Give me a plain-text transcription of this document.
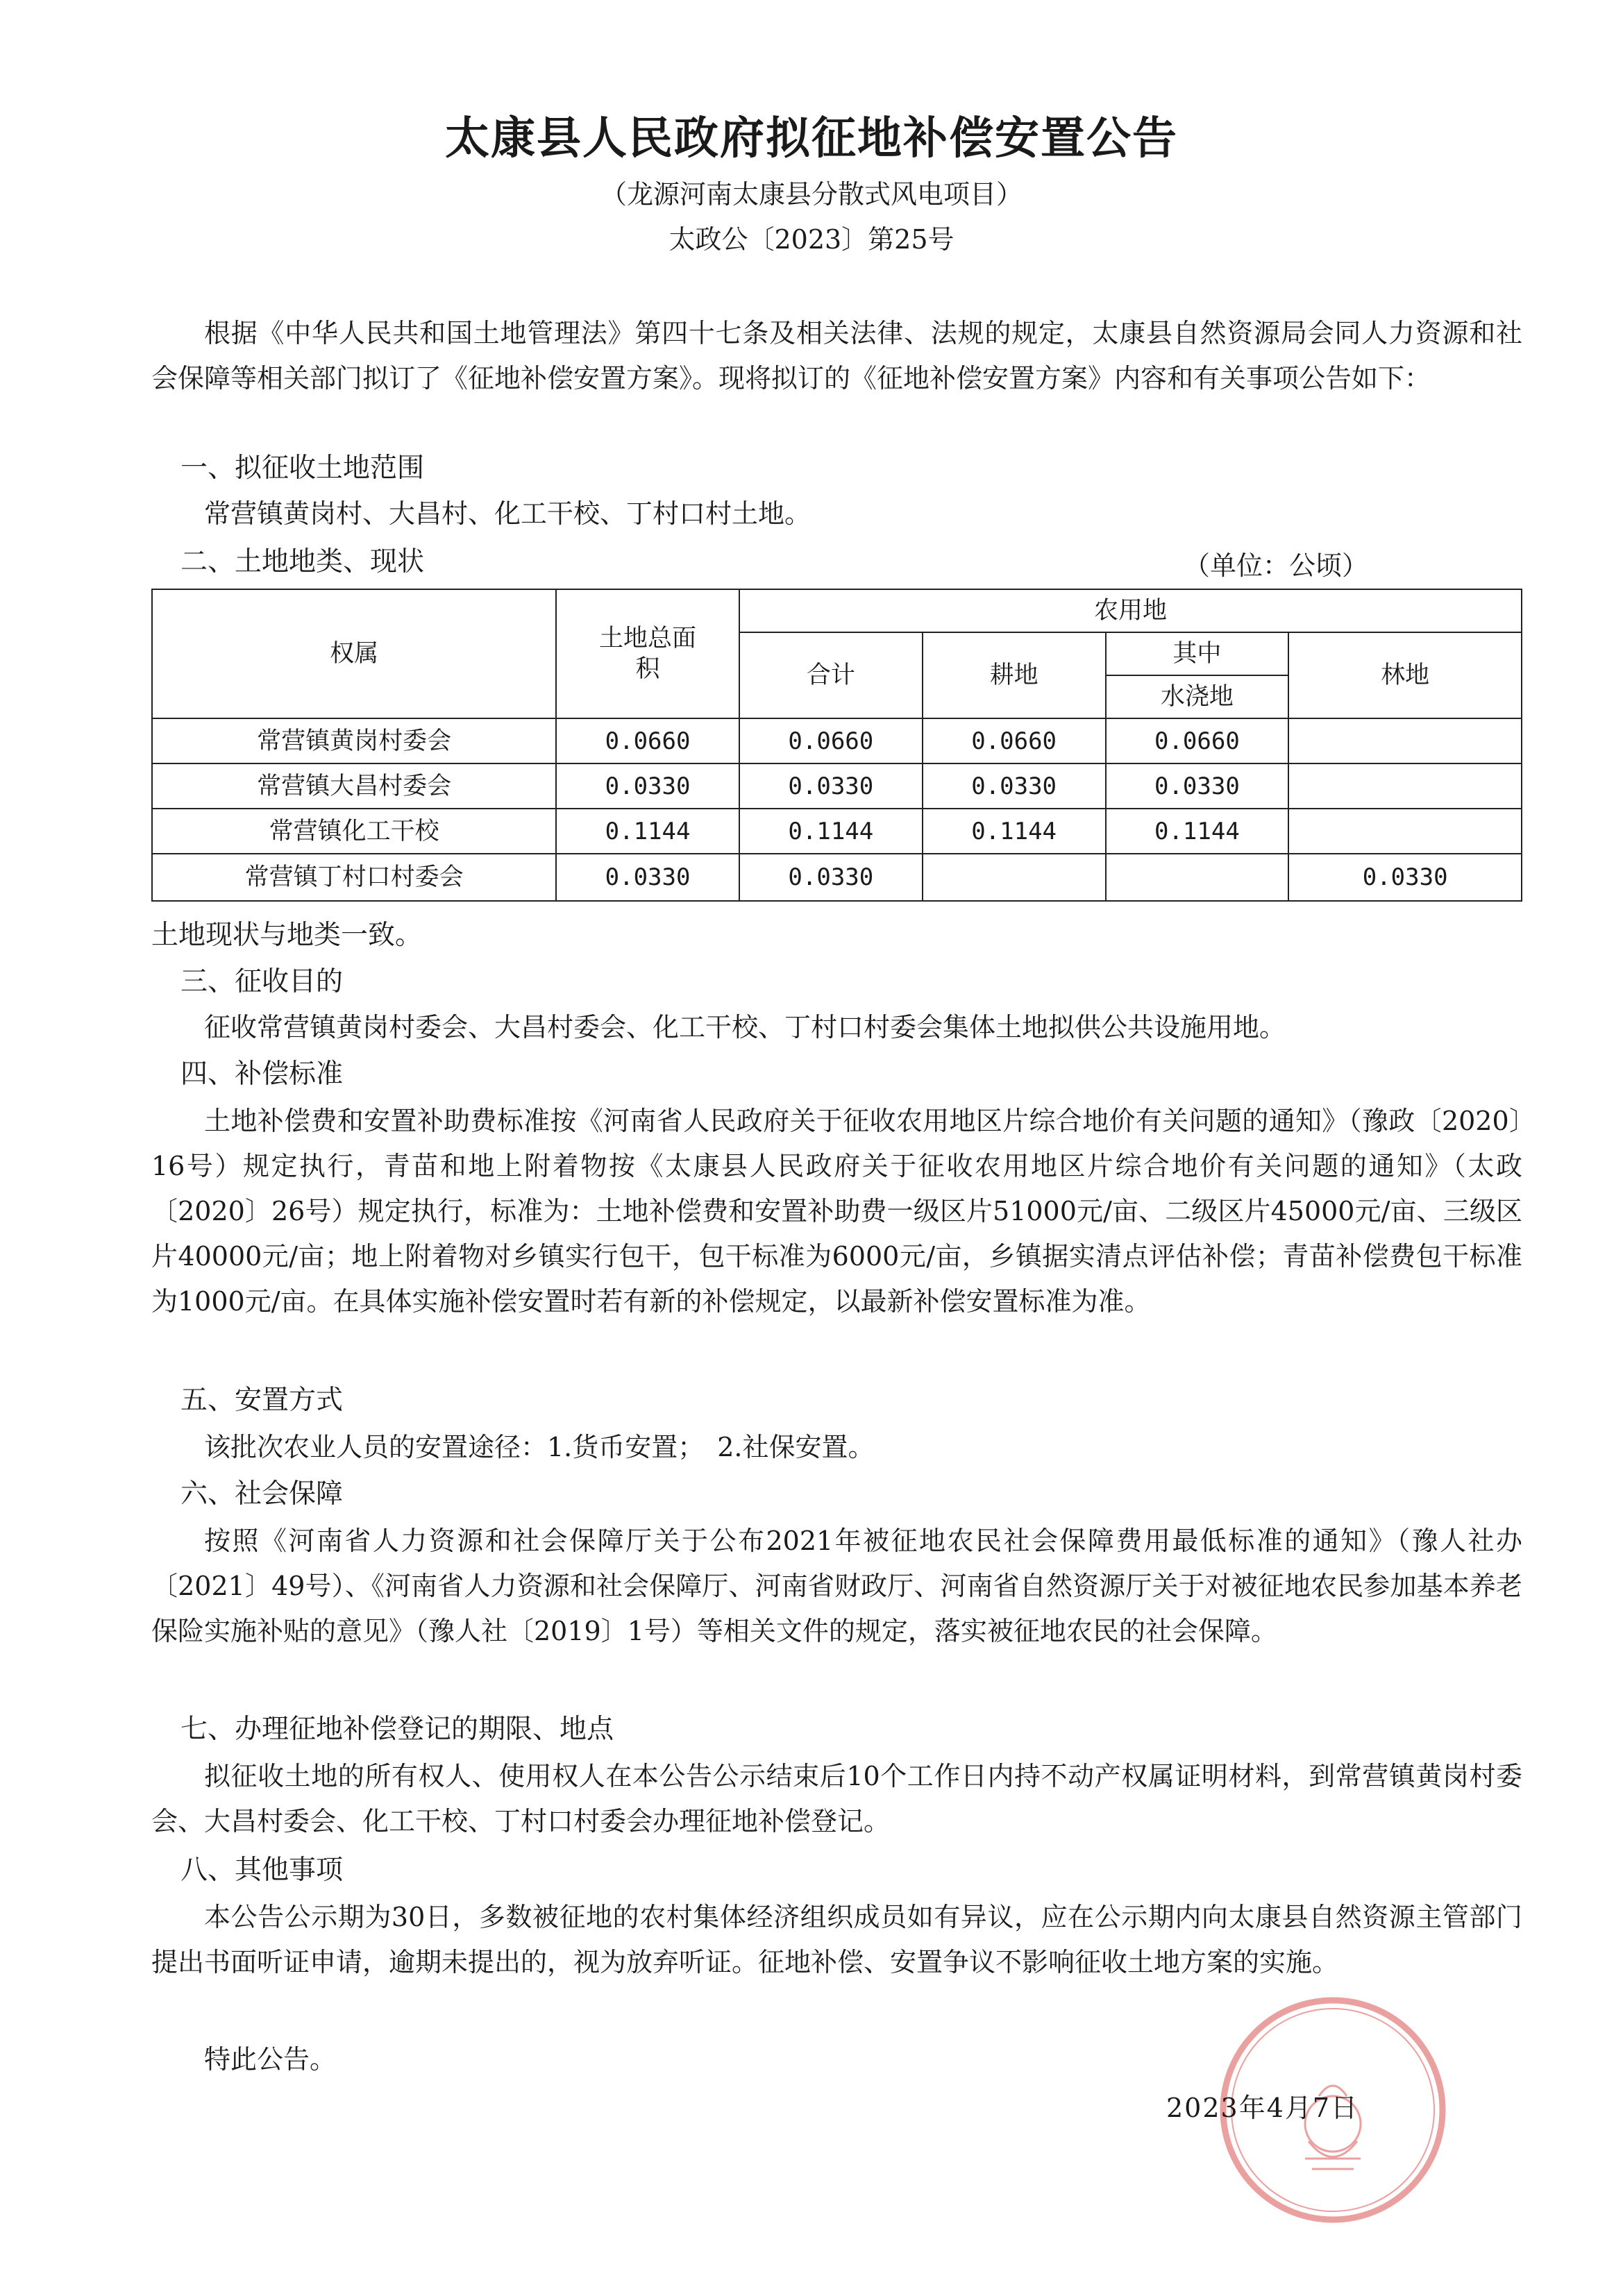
太康县人民政府拟征地补偿安置公告
（龙源河南太康县分散式风电项目）
太政公〔2023〕第25号

根据《中华人民共和国土地管理法》第四十七条及相关法律、法规的规定，太康县自然资源局会同人力资源和社会保障等相关部门拟订了《征地补偿安置方案》。现将拟订的《征地补偿安置方案》内容和有关事项公告如下：

一、拟征收土地范围

常营镇黄岗村、大昌村、化工干校、丁村口村土地。

二、土地地类、现状	（单位：公顷）
权属	土地总面积	农用地			
		合计	耕地	其中	林地
				水浇地	
常营镇黄岗村委会	0.0660	0.0660	0.0660	0.0660	
常营镇大昌村委会	0.0330	0.0330	0.0330	0.0330	
常营镇化工干校	0.1144	0.1144	0.1144	0.1144	
常营镇丁村口村委会	0.0330	0.0330			0.0330
土地现状与地类一致。
三、征收目的

征收常营镇黄岗村委会、大昌村委会、化工干校、丁村口村委会集体土地拟供公共设施用地。

四、补偿标准

土地补偿费和安置补助费标准按《河南省人民政府关于征收农用地区片综合地价有关问题的通知》（豫政〔2020〕16号）规定执行，青苗和地上附着物按《太康县人民政府关于征收农用地区片综合地价有关问题的通知》（太政〔2020〕26号）规定执行，标准为：土地补偿费和安置补助费一级区片51000元/亩、二级区片45000元/亩、三级区片40000元/亩；地上附着物对乡镇实行包干，包干标准为6000元/亩，乡镇据实清点评估补偿；青苗补偿费包干标准为1000元/亩。在具体实施补偿安置时若有新的补偿规定，以最新补偿安置标准为准。

五、安置方式

该批次农业人员的安置途径：1.货币安置；　2.社保安置。

六、社会保障

按照《河南省人力资源和社会保障厅关于公布2021年被征地农民社会保障费用最低标准的通知》（豫人社办〔2021〕49号）、《河南省人力资源和社会保障厅、河南省财政厅、河南省自然资源厅关于对被征地农民参加基本养老保险实施补贴的意见》（豫人社〔2019〕1号）等相关文件的规定，落实被征地农民的社会保障。

七、办理征地补偿登记的期限、地点

拟征收土地的所有权人、使用权人在本公告公示结束后10个工作日内持不动产权属证明材料，到常营镇黄岗村委会、大昌村委会、化工干校、丁村口村委会办理征地补偿登记。

八、其他事项

本公告公示期为30日，多数被征地的农村集体经济组织成员如有异议，应在公示期内向太康县自然资源主管部门提出书面听证申请，逾期未提出的，视为放弃听证。征地补偿、安置争议不影响征收土地方案的实施。

特此公告。

2023年4月7日
